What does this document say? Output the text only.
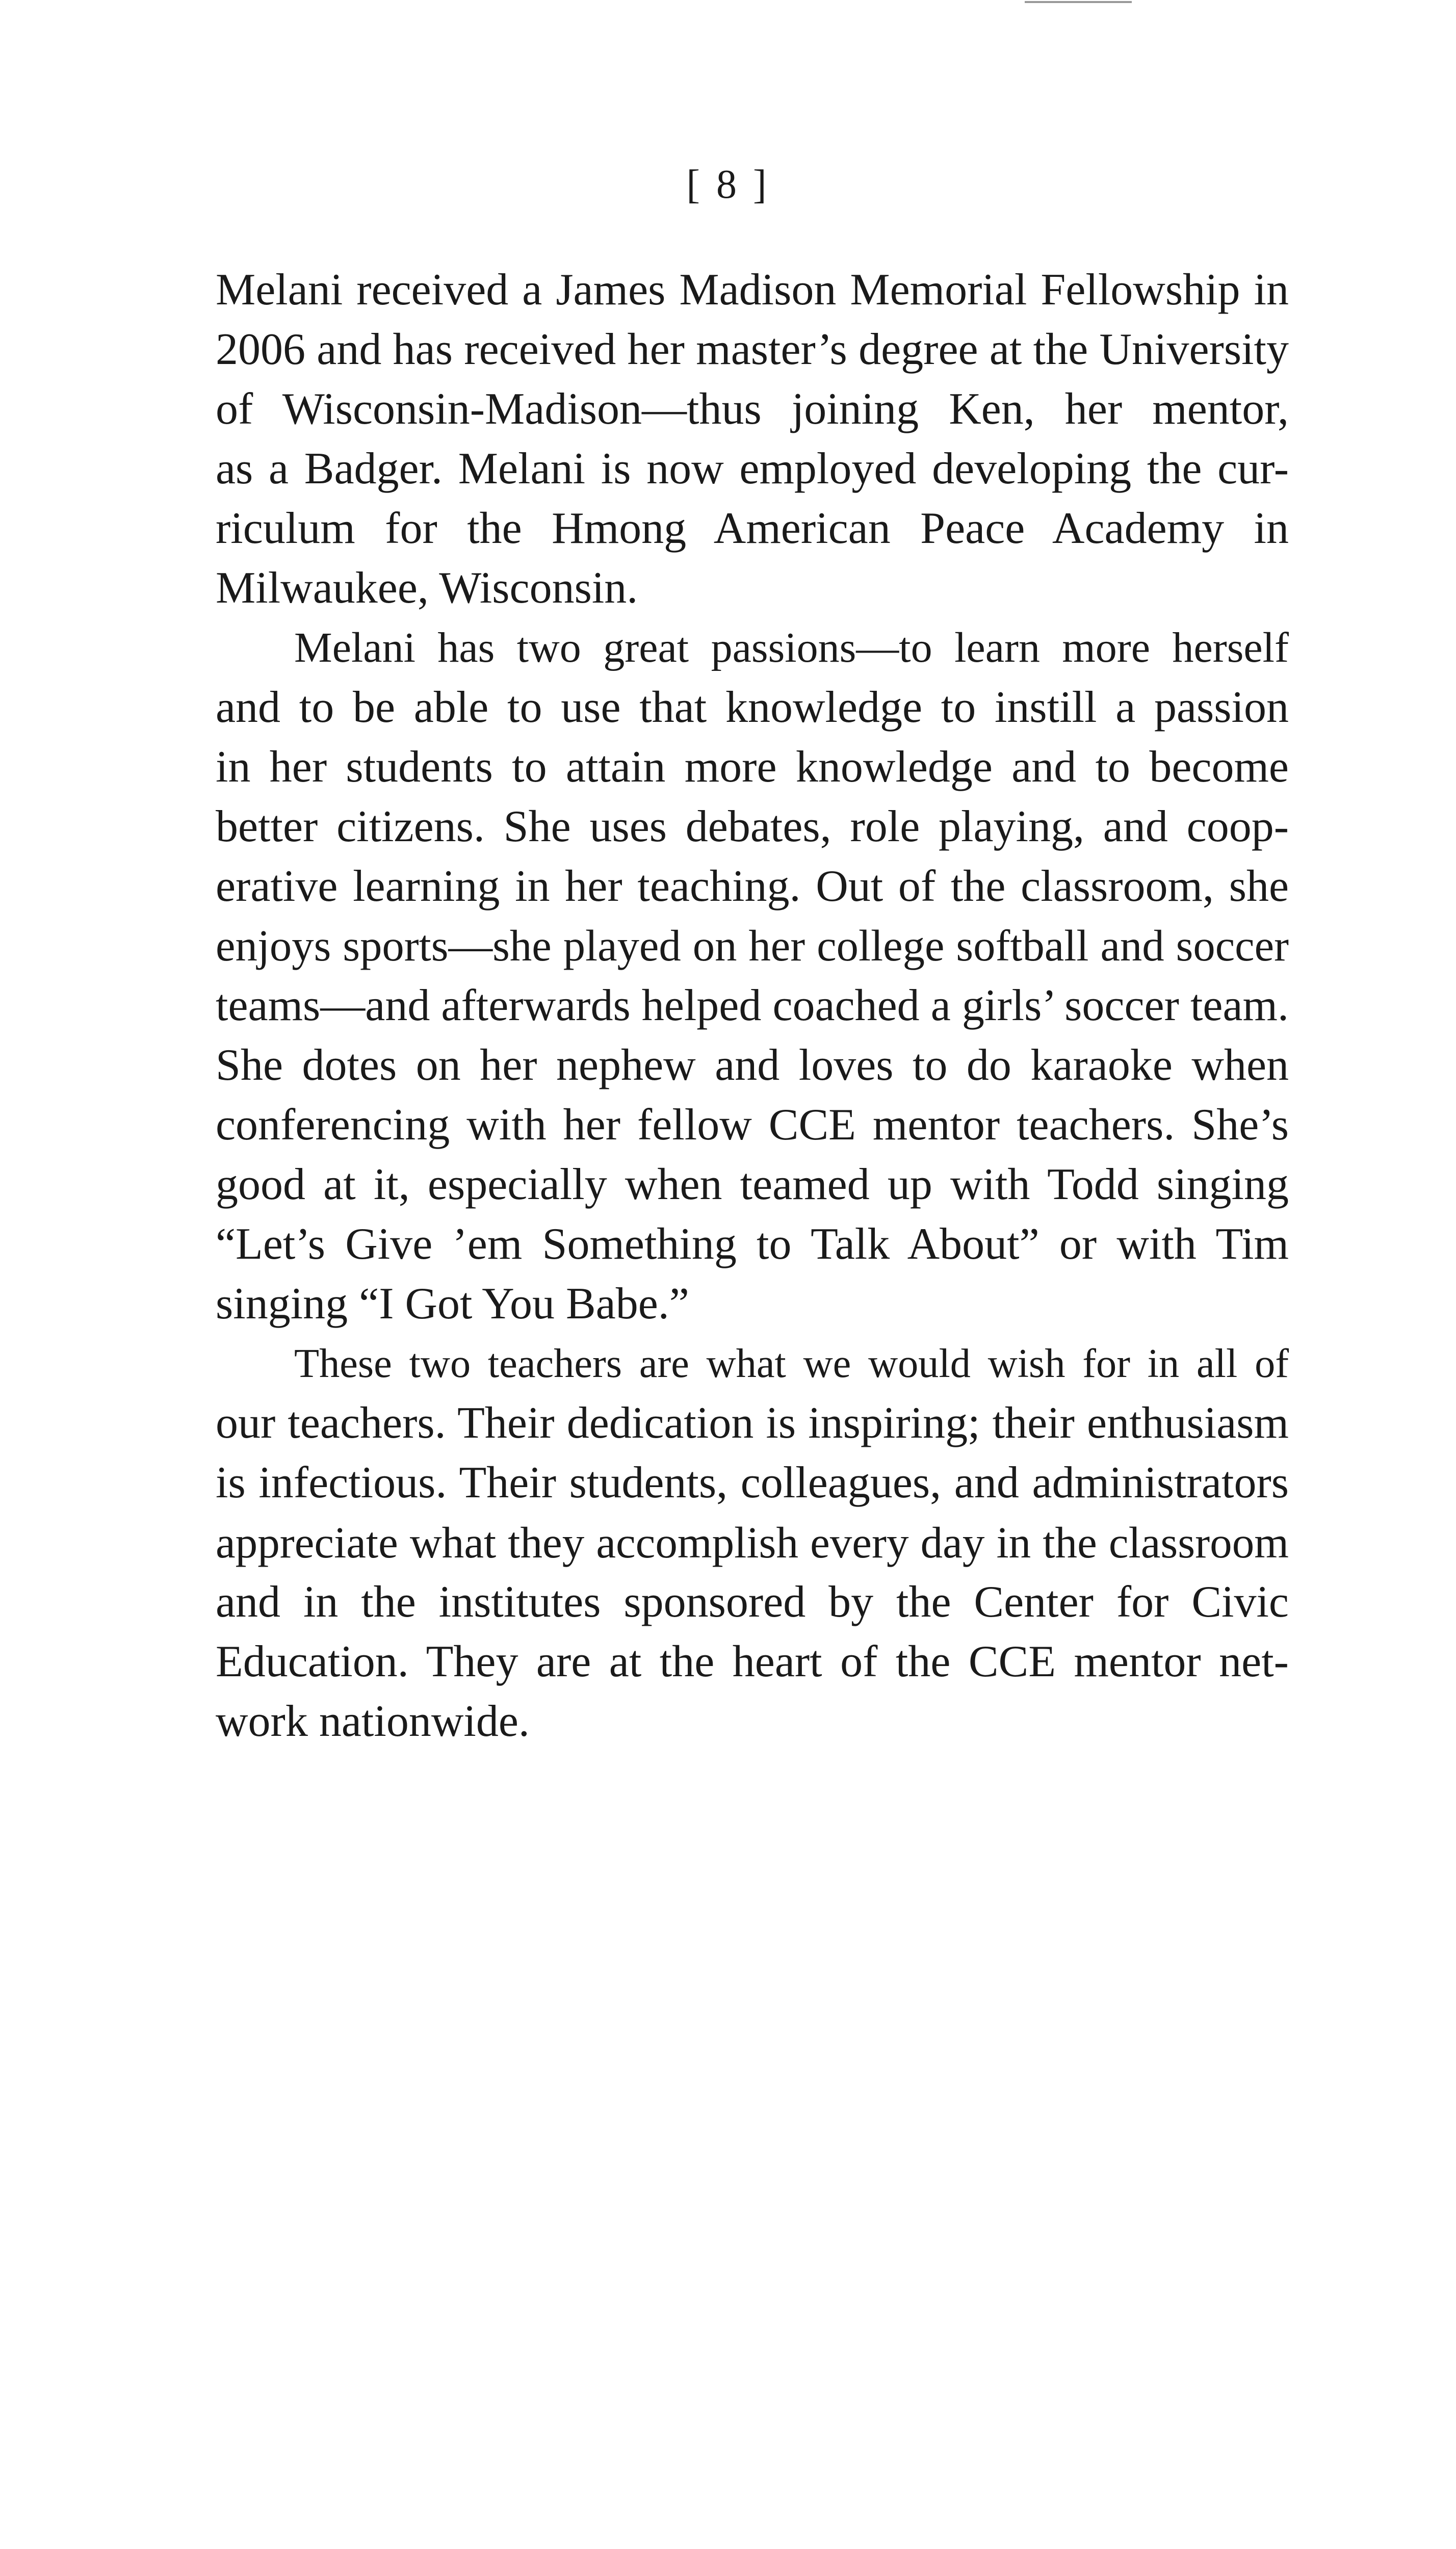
[ 8 ]

Melani received a James Madison Memorial Fellowship in
2006 and has received her master’s degree at the University
of Wisconsin-Madison—thus joining Ken, her mentor,
as a Badger. Melani is now employed developing the cur-
riculum for the Hmong American Peace Academy in
Milwaukee, Wisconsin.

Melani has two great passions—to learn more herself
and to be able to use that knowledge to instill a passion
in her students to attain more knowledge and to become
better citizens. She uses debates, role playing, and coop-
erative learning in her teaching. Out of the classroom, she
enjoys sports—she played on her college softball and soccer
teams—and afterwards helped coached a girls’ soccer team.
She dotes on her nephew and loves to do karaoke when
conferencing with her fellow CCE mentor teachers. She’s
good at it, especially when teamed up with Todd singing
“Let’s Give ’em Something to Talk About” or with Tim
singing “I Got You Babe.”

These two teachers are what we would wish for in all of
our teachers. Their dedication is inspiring; their enthusiasm
is infectious. Their students, colleagues, and administrators
appreciate what they accomplish every day in the classroom
and in the institutes sponsored by the Center for Civic
Education. They are at the heart of the CCE mentor net-
work nationwide.
